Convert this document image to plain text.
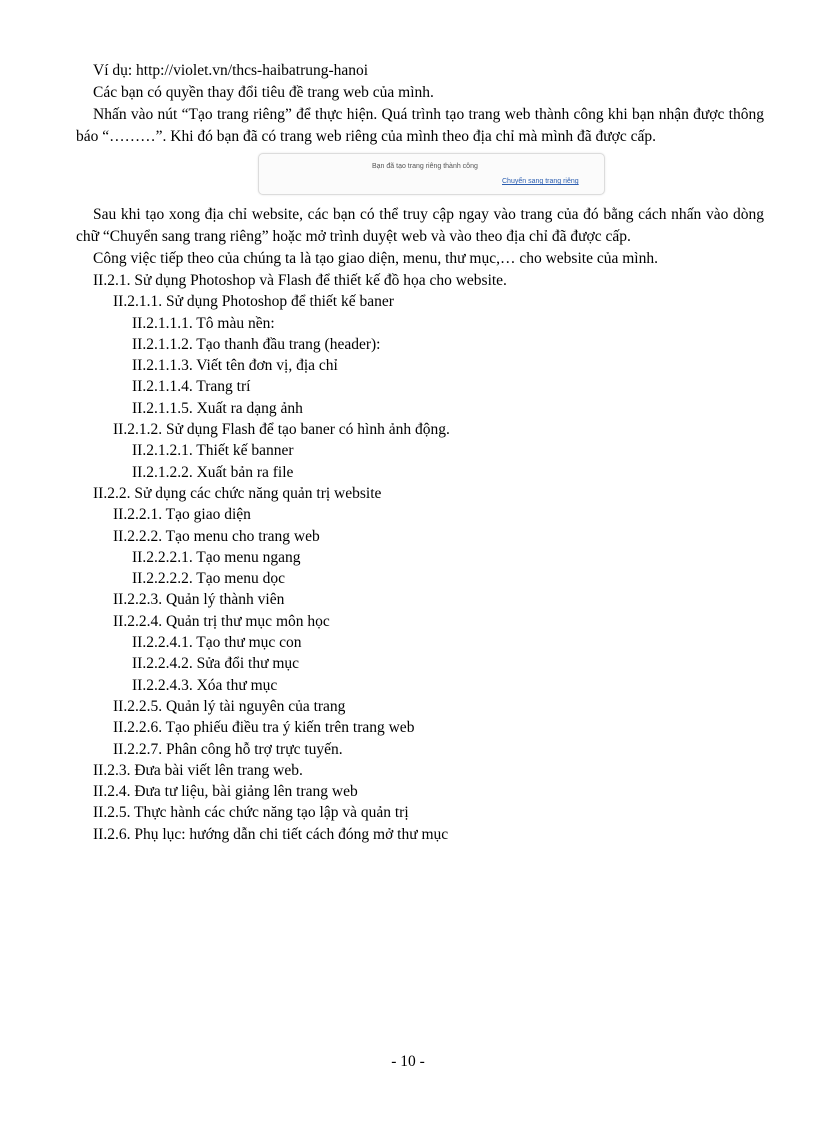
Ví dụ: http://violet.vn/thcs-haibatrung-hanoi

Các bạn có quyền thay đổi tiêu đề trang web của mình.

Nhấn vào nút “Tạo trang riêng” để thực hiện. Quá trình tạo trang web thành công khi bạn nhận được thông báo “………”. Khi đó bạn đã có trang web riêng của mình theo địa chỉ mà mình đã được cấp.

Bạn đã tạo trang riêng thành công
Chuyển sang trang riêng

Sau khi tạo xong địa chỉ website, các bạn có thể truy cập ngay vào trang của đó bằng cách nhấn vào dòng chữ “Chuyển sang trang riêng” hoặc mở trình duyệt web và vào theo địa chỉ đã được cấp.

Công việc tiếp theo của chúng ta là tạo giao diện, menu, thư mục,… cho website của mình.

II.2.1. Sử dụng Photoshop và Flash để thiết kế đồ họa cho website.
II.2.1.1. Sử dụng Photoshop để thiết kế baner
II.2.1.1.1. Tô màu nền:
II.2.1.1.2. Tạo thanh đầu trang (header):
II.2.1.1.3. Viết tên đơn vị, địa chỉ
II.2.1.1.4. Trang trí
II.2.1.1.5. Xuất ra dạng ảnh
II.2.1.2. Sử dụng Flash để tạo baner có hình ảnh động.
II.2.1.2.1. Thiết kế banner
II.2.1.2.2. Xuất bản ra file
II.2.2. Sử dụng các chức năng quản trị website
II.2.2.1. Tạo giao diện
II.2.2.2. Tạo menu cho trang web
II.2.2.2.1. Tạo menu ngang
II.2.2.2.2. Tạo menu dọc
II.2.2.3. Quản lý thành viên
II.2.2.4. Quản trị thư mục môn học
II.2.2.4.1. Tạo thư mục con
II.2.2.4.2. Sửa đổi thư mục
II.2.2.4.3. Xóa thư mục
II.2.2.5. Quản lý tài nguyên của trang
II.2.2.6. Tạo phiếu điều tra ý kiến trên trang web
II.2.2.7. Phân công hỗ trợ trực tuyến.
II.2.3. Đưa bài viết lên trang web.
II.2.4. Đưa tư liệu, bài giảng lên trang web
II.2.5. Thực hành các chức năng tạo lập và quản trị
II.2.6. Phụ lục: hướng dẫn chi tiết cách đóng mở thư mục
- 10 -
